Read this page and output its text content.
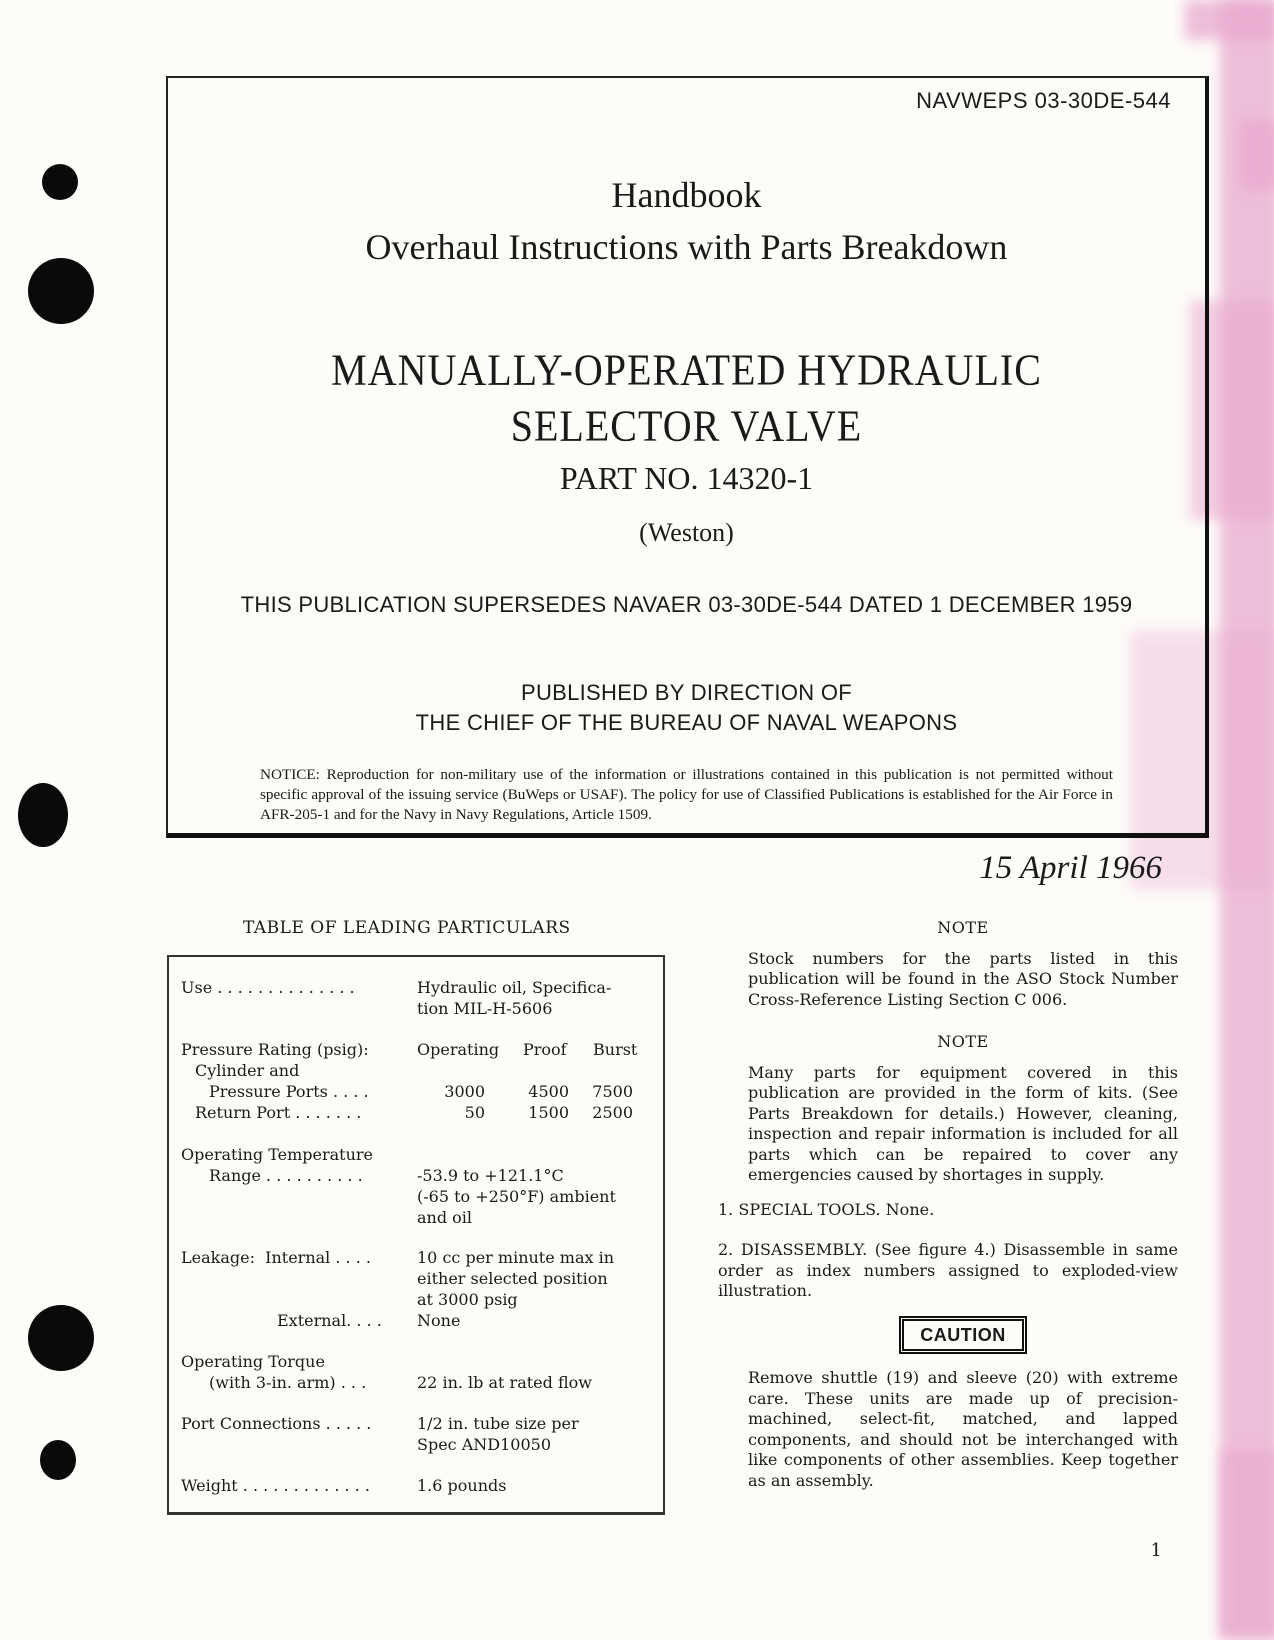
NAVWEPS 03-30DE-544
Handbook
Overhaul Instructions with Parts Breakdown
MANUALLY-OPERATED HYDRAULIC
SELECTOR VALVE
PART NO. 14320-1
(Weston)
THIS PUBLICATION SUPERSEDES NAVAER 03-30DE-544 DATED 1 DECEMBER 1959
PUBLISHED BY DIRECTION OF
THE CHIEF OF THE BUREAU OF NAVAL WEAPONS
NOTICE: Reproduction for non-military use of the information or illustrations contained in this publication is not permitted without specific approval of the issuing service (BuWeps or USAF). The policy for use of Classified Publications is established for the Air Force in AFR-205-1 and for the Navy in Navy Regulations, Article 1509.
15 April 1966
TABLE OF LEADING PARTICULARS
Use . . . . . . . . . . . . . .	Hydraulic oil, Specifica-
tion MIL-H-5606
Pressure Rating (psig):	Operating Proof Burst
Cylinder and
Pressure Ports . . . .	3000	4500 7500
Return Port . . . . . . .	50	1500 2500
Operating Temperature
Range . . . . . . . . . .	-53.9 to +121.1°C
(-65 to +250°F) ambient
and oil
Leakage:  Internal . . . .	10 cc per minute max in
either selected position
at 3000 psig
External. . . . None
Operating Torque
(with 3-in. arm) . . .	22 in. lb at rated flow
Port Connections . . . . .	1/2 in. tube size per
Spec AND10050
Weight . . . . . . . . . . . . .	1.6 pounds
NOTE
Stock numbers for the parts listed in this publication will be found in the ASO Stock Number Cross-Reference Listing Section C 006.
NOTE
Many parts for equipment covered in this publication are provided in the form of kits. (See Parts Breakdown for details.) However, cleaning, inspection and repair information is included for all parts which can be repaired to cover any emergencies caused by shortages in supply.
1. SPECIAL TOOLS. None.
2. DISASSEMBLY. (See figure 4.) Disassemble in same order as index numbers assigned to exploded-view illustration.
CAUTION
Remove shuttle (19) and sleeve (20) with extreme care. These units are made up of precision-machined, select-fit, matched, and lapped components, and should not be interchanged with like components of other assemblies. Keep together as an assembly.
1
